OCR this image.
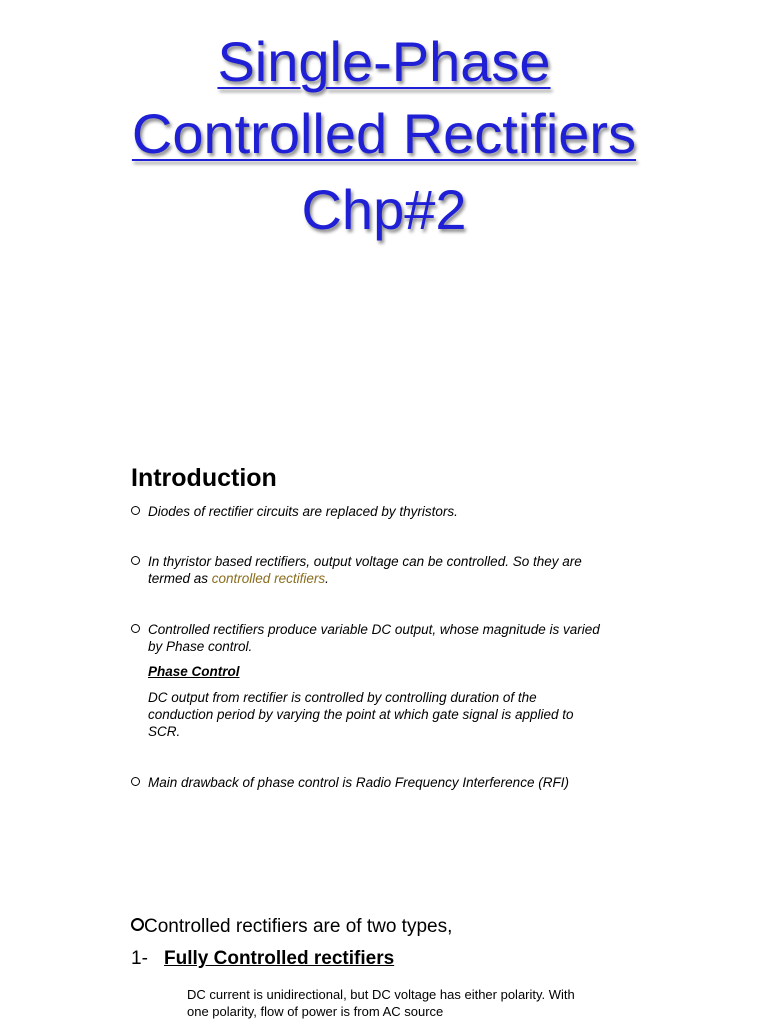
Single-Phase
Controlled Rectifiers
Chp#2
Introduction
Diodes of rectifier circuits are replaced by thyristors.
In thyristor based rectifiers, output voltage can be controlled. So they are termed as controlled rectifiers.
Controlled rectifiers produce variable DC output, whose magnitude is varied by Phase control.
Phase Control
DC output from rectifier is controlled by controlling duration of the conduction period by varying the point at which gate signal is applied to SCR.
Main drawback of phase control is Radio Frequency Interference (RFI)
Controlled rectifiers are of two types,
1- Fully Controlled rectifiers
DC current is unidirectional, but DC voltage has either polarity. With one polarity, flow of power is from AC source
